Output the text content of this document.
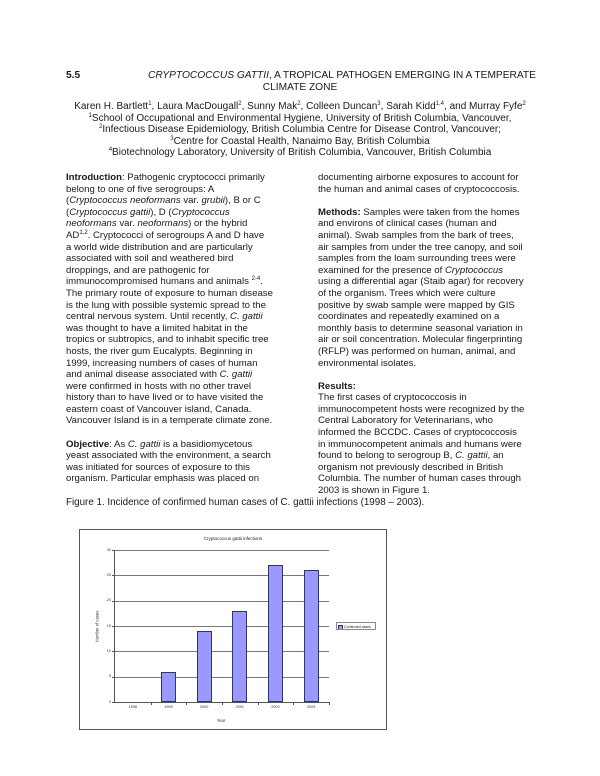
5.5	CRYPTOCOCCUS GATTII, A TROPICAL PATHOGEN EMERGING IN A TEMPERATE
CLIMATE ZONE
Karen H. Bartlett$^1$, Laura MacDougall$^2$, Sunny Mak$^2$, Colleen Duncan$^3$, Sarah Kidd$^{1,4}$, and Murray Fyfe$^2$
$^1$School of Occupational and Environmental Hygiene, University of British Columbia, Vancouver,
$^2$Infectious Disease Epidemiology, British Columbia Centre for Disease Control, Vancouver;
$^3$Centre for Coastal Health, Nanaimo Bay, British Columbia
$^4$Biotechnology Laboratory, University of British Columbia, Vancouver, British Columbia
Introduction: Pathogenic cryptococci primarily
belong to one of five serogroups: A
(Cryptococcus neoformans var. grubii), B or C
(Cryptococcus gattii), D (Cryptococcus
neoformans var. neoformans) or the hybrid
AD$^{1,2}$. Cryptococci of serogroups A and D have
a world wide distribution and are particularly
associated with soil and weathered bird
droppings, and are pathogenic for
immunocompromised humans and animals $^{2-4}$.
The primary route of exposure to human disease
is the lung with possible systemic spread to the
central nervous system. Until recently, C. gattii
was thought to have a limited habitat in the
tropics or subtropics, and to inhabit specific tree
hosts, the river gum Eucalypts. Beginning in
1999, increasing numbers of cases of human
and animal disease associated with C. gattii
were confirmed in hosts with no other travel
history than to have lived or to have visited the
eastern coast of Vancouver island, Canada.
Vancouver Island is in a temperate climate zone.
Objective: As C. gattii is a basidiomycetous
yeast associated with the environment, a search
was initiated for sources of exposure to this
organism. Particular emphasis was placed on
documenting airborne exposures to account for
the human and animal cases of cryptococcosis.
Methods: Samples were taken from the homes
and environs of clinical cases (human and
animal). Swab samples from the bark of trees,
air samples from under the tree canopy, and soil
samples from the loam surrounding trees were
examined for the presence of Cryptococcus
using a differential agar (Staib agar) for recovery
of the organism. Trees which were culture
positive by swab sample were mapped by GIS
coordinates and repeatedly examined on a
monthly basis to determine seasonal variation in
air or soil concentration. Molecular fingerprinting
(RFLP) was performed on human, animal, and
environmental isolates.
Results:
The first cases of cryptococcosis in
immunocompetent hosts were recognized by the
Central Laboratory for Veterinarians, who
informed the BCCDC. Cases of cryptococcosis
in immunocompetent animals and humans were
found to belong to serogroup B, C. gattii, an
organism not previously described in British
Columbia. The number of human cases through
2003 is shown in Figure 1.
Figure 1. Incidence of confirmed human cases of C. gattii infections (1998 – 2003).
Cryptococcus gattii infections
Number of cases
0
5
10
15
20
25
30
1998	1999	2000	2001	2002	2003
Year
Confirmed cases
